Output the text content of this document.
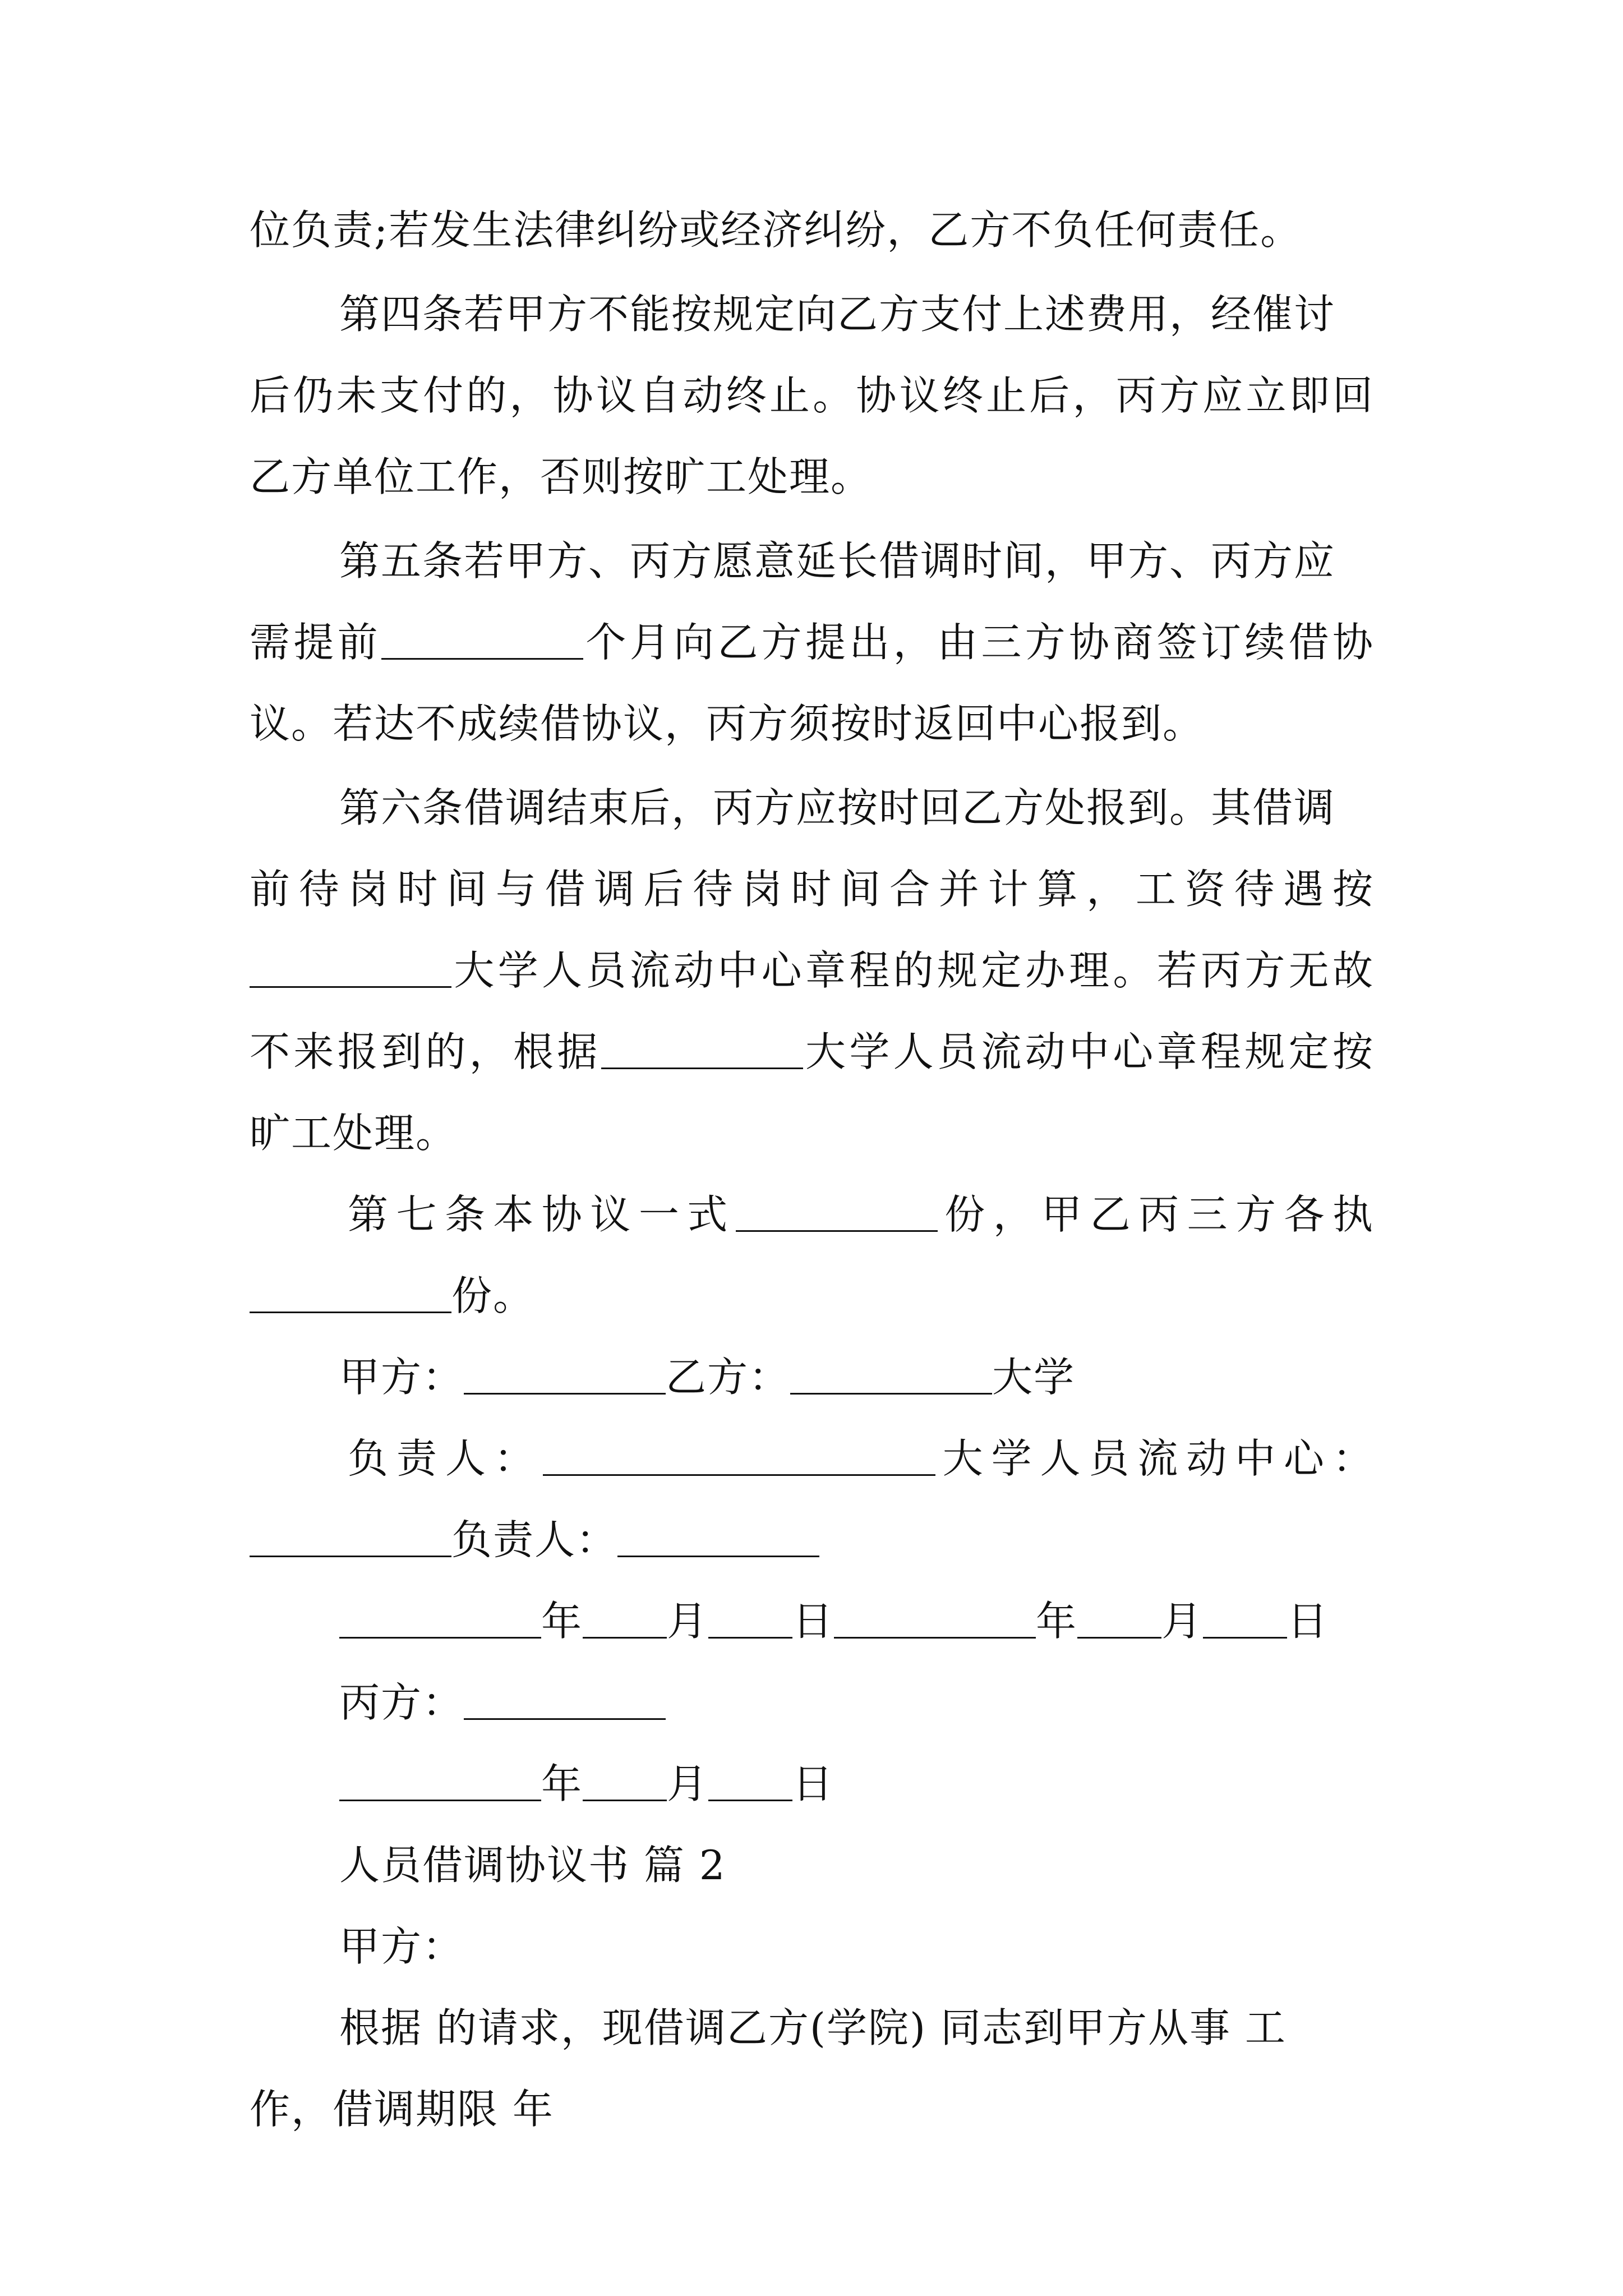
位负责;若发生法律纠纷或经济纠纷，乙方不负任何责任。
第四条若甲方不能按规定向乙方支付上述费用，经催讨
后仍未支付的，协议自动终止。协议终止后，丙方应立即回
乙方单位工作，否则按旷工处理。
第五条若甲方、丙方愿意延长借调时间，甲方、丙方应
需提前	个月向乙方提出，由三方协商签订续借协
议。若达不成续借协议，丙方须按时返回中心报到。
第六条借调结束后，丙方应按时回乙方处报到。其借调
前待岗时间与借调后待岗时间合并计算，工资待遇按
大学人员流动中心章程的规定办理。若丙方无故
不来报到的，根据	大学人员流动中心章程规定按
旷工处理。
第七条本协议一式	份，甲乙丙三方各执
份。
甲方：	乙方：	大学
负责人：	大学人员流动中心：
负责人：
年 月 日	年 月 日
丙方：
年 月 日
人员借调协议书 篇 2
甲方：
根据 的请求，现借调乙方(学院) 同志到甲方从事 工
作，借调期限 年
